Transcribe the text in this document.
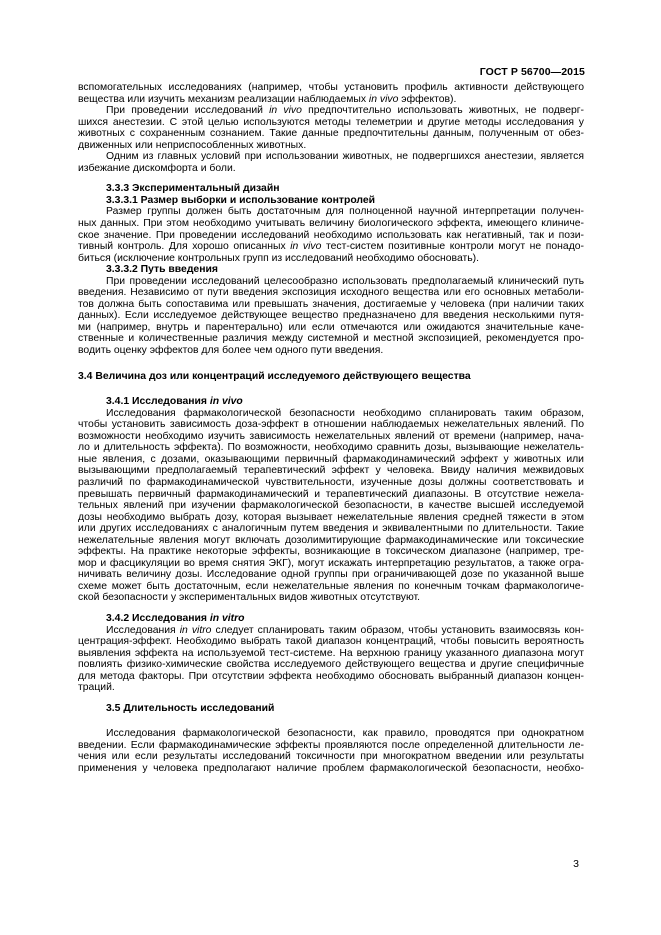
ГОСТ Р 56700—2015
вспомогательных исследованиях (например, чтобы установить профиль активности действующего
вещества или изучить механизм реализации наблюдаемых in vivo эффектов).
При проведении исследований in vivo предпочтительно использовать животных, не подверг-
шихся анестезии. С этой целью используются методы телеметрии и другие методы исследования у
животных с сохраненным сознанием. Такие данные предпочтительны данным, полученным от обез-
движенных или неприспособленных животных.
Одним из главных условий при использовании животных, не подвергшихся анестезии, является
избежание дискомфорта и боли.
3.3.3 Экспериментальный дизайн
3.3.3.1 Размер выборки и использование контролей
Размер группы должен быть достаточным для полноценной научной интерпретации получен-
ных данных. При этом необходимо учитывать величину биологического эффекта, имеющего клиниче-
ское значение. При проведении исследований необходимо использовать как негативный, так и пози-
тивный контроль. Для хорошо описанных in vivo тест-систем позитивные контроли могут не понадо-
биться (исключение контрольных групп из исследований необходимо обосновать).
3.3.3.2 Путь введения
При проведении исследований целесообразно использовать предполагаемый клинический путь
введения. Независимо от пути введения экспозиция исходного вещества или его основных метаболи-
тов должна быть сопоставима или превышать значения, достигаемые у человека (при наличии таких
данных). Если исследуемое действующее вещество предназначено для введения несколькими путя-
ми (например, внутрь и парентерально) или если отмечаются или ожидаются значительные каче-
ственные и количественные различия между системной и местной экспозицией, рекомендуется про-
водить оценку эффектов для более чем одного пути введения.
3.4 Величина доз или концентраций исследуемого действующего вещества
3.4.1 Исследования in vivo
Исследования фармакологической безопасности необходимо спланировать таким образом,
чтобы установить зависимость доза-эффект в отношении наблюдаемых нежелательных явлений. По
возможности необходимо изучить зависимость нежелательных явлений от времени (например, нача-
ло и длительность эффекта). По возможности, необходимо сравнить дозы, вызывающие нежелатель-
ные явления, с дозами, оказывающими первичный фармакодинамический эффект у животных или
вызывающими предполагаемый терапевтический эффект у человека. Ввиду наличия межвидовых
различий по фармакодинамической чувствительности, изученные дозы должны соответствовать и
превышать первичный фармакодинамический и терапевтический диапазоны. В отсутствие нежела-
тельных явлений при изучении фармакологической безопасности, в качестве высшей исследуемой
дозы необходимо выбрать дозу, которая вызывает нежелательные явления средней тяжести в этом
или других исследованиях с аналогичным путем введения и эквивалентными по длительности. Такие
нежелательные явления могут включать дозолимитирующие фармакодинамические или токсические
эффекты. На практике некоторые эффекты, возникающие в токсическом диапазоне (например, тре-
мор и фасцикуляции во время снятия ЭКГ), могут искажать интерпретацию результатов, а также огра-
ничивать величину дозы. Исследование одной группы при ограничивающей дозе по указанной выше
схеме может быть достаточным, если нежелательные явления по конечным точкам фармакологиче-
ской безопасности у экспериментальных видов животных отсутствуют.
3.4.2 Исследования in vitro
Исследования in vitro следует спланировать таким образом, чтобы установить взаимосвязь кон-
центрация-эффект. Необходимо выбрать такой диапазон концентраций, чтобы повысить вероятность
выявления эффекта на используемой тест-системе. На верхнюю границу указанного диапазона могут
повлиять физико-химические свойства исследуемого действующего вещества и другие специфичные
для метода факторы. При отсутствии эффекта необходимо обосновать выбранный диапазон концен-
траций.
3.5 Длительность исследований
Исследования фармакологической безопасности, как правило, проводятся при однократном
введении. Если фармакодинамические эффекты проявляются после определенной длительности ле-
чения или если результаты исследований токсичности при многократном введении или результаты
применения у человека предполагают наличие проблем фармакологической безопасности, необхо-
3
